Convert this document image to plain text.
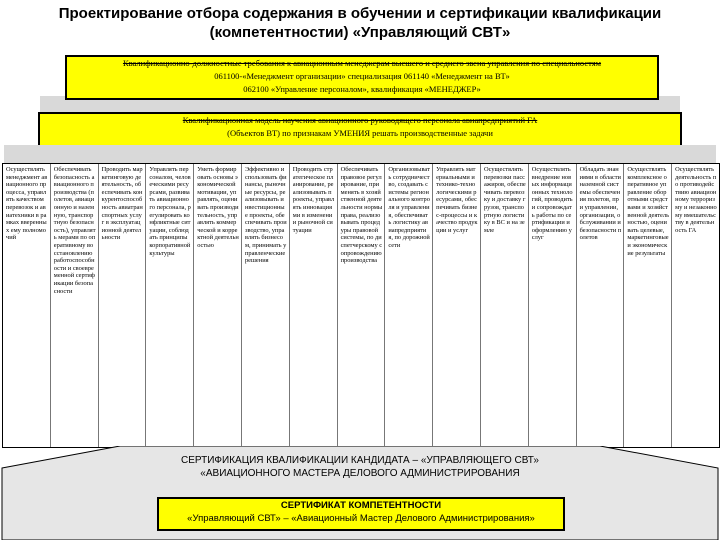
Проектирование отбора содержания в обучении и сертификации квалификации
(компетентностии) «Управляющий СВТ»
Квалификационно-должностные требования к авиационным менеджерам высшего и среднего звена управления по специальностям
061100-«Менеджмент организации» специализация 061140 «Менеджмент на ВТ»
062100 «Управление персоналом», квалификация «МЕНЕДЖЕР»
Квалификационная модель научения авиационного руководящего персонала авиапредприятий ГА
(Объектов ВТ) по признакам УМЕНИЯ решать производственные задачи
Осуществлять менеджмент авиационного процесса, управлять качеством перевозок и авиатехники в рамках вверенных ему полномочий
Обеспечивать безопасность авиационного производства (полетов, авиационную и наземную, транспортную безопасность), управлять мерами по оперативному восстановлению работоспособности и своевременной сертификации безопасности
Проводить маркетинговую деятельность, обеспечивать конкурентоспособность авиатранспортных услуг в эксплуатационной деятельности
Управлять персоналом, человеческими ресурсами, развивать авиационного персонала, регулировать конфликтные ситуации, соблюдать принципы корпоративной культуры
Уметь формировать основы экономической мотивации, управлять, оценивать производительность, управлять коммерческой и корректной деятельностью
Эффективно использовать финансы, рыночные ресурсы, реализовывать инвестиционные проекты, обеспечивать производство, управлять бизнесом, принимать управленческие решения
Проводить стратегическое планирование, реализовывать проекты, управлять инновациями в изменении рыночной ситуации
Обеспечивать правовое регулирование, применять в хозяйственной деятельности нормы права, реализовывать процедуры правовой системы, по диспетчерскому сопровождению производства
Организовывать сотрудничество, создавать системы регионального контроля и управления, обеспечивать логистику авиапредприятия, по дорожной сети
Управлять материальными и технико-технологическими ресурсами, обеспечивать бизнес-процессы и качество продукции и услуг
Осуществлять перевозки пассажиров, обеспечивать перевозку и доставку грузов, транспортную логистику в ВС и на земле
Осуществлять внедрение новых информационных технологий, проводить и сопровождать работы по сертификации и оформлению услуг
Обладать знаниями в области наземной системы обеспечения полетов, при управлении, организации, обслуживании и безопасности полетов
Осуществлять комплексное оперативное управление оборотными средствами и хозяйственной деятельностью, оценивать целевые, маркетинговые и экономические результаты
Осуществлять деятельность по противодействию авиационному терроризму и незаконному вмешательству в деятельность ГА
СЕРТИФИКАЦИЯ КВАЛИФИКАЦИИ КАНДИДАТА – «УПРАВЛЯЮЩЕГО СВТ»
«АВИАЦИОННОГО МАСТЕРА ДЕЛОВОГО АДМИНИСТРИРОВАНИЯ
СЕРТИФИКАТ КОМПЕТЕНТНОСТИ
«Управляющий СВТ» – «Авиационный Мастер Делового Администрирования»
